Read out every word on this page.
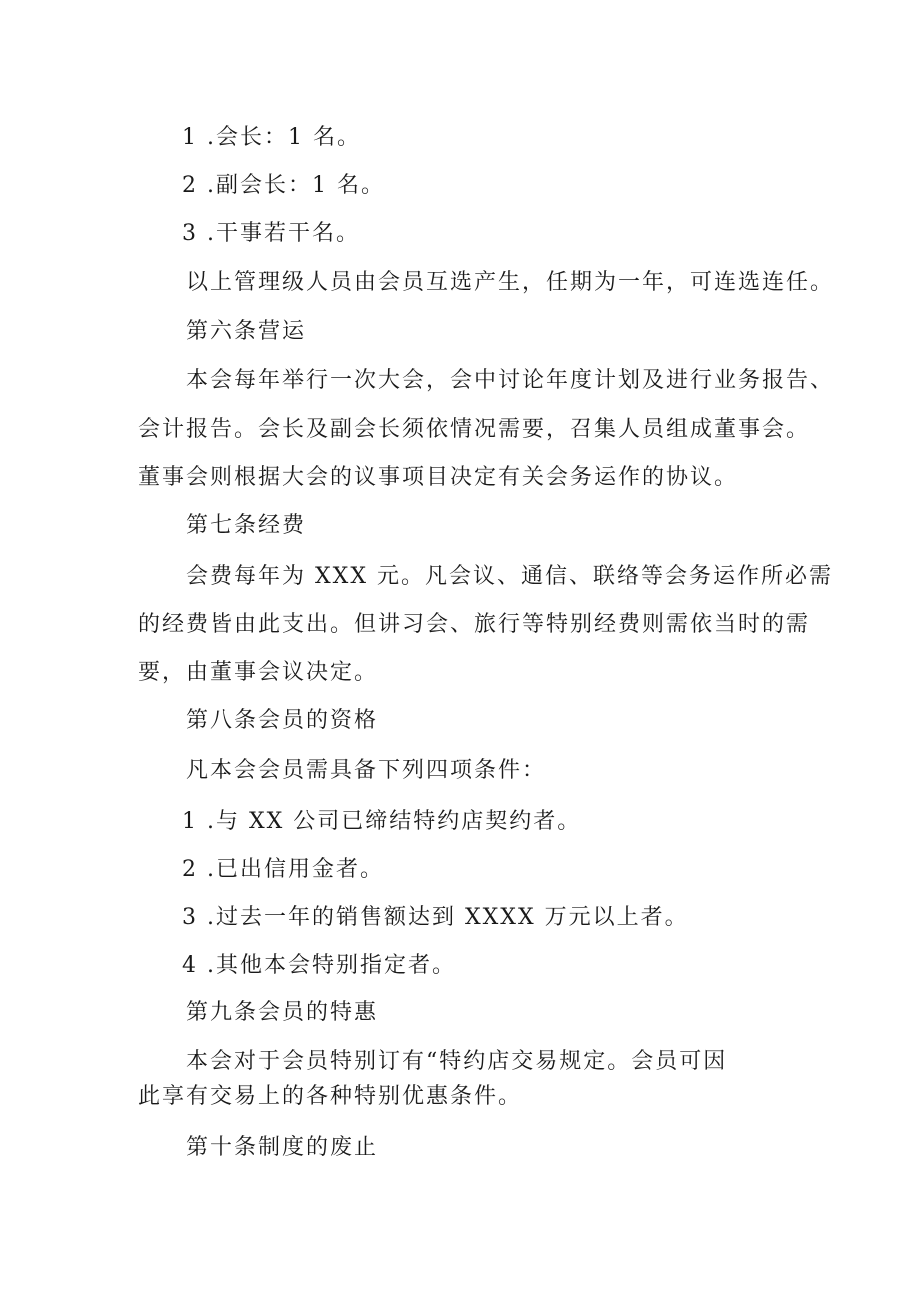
1 .会长：1 名。
2 .副会长：1 名。
3 .干事若干名。
以上管理级人员由会员互选产生，任期为一年，可连选连任。
第六条营运
本会每年举行一次大会，会中讨论年度计划及进行业务报告、
会计报告。会长及副会长须依情况需要，召集人员组成董事会。
董事会则根据大会的议事项目决定有关会务运作的协议。
第七条经费
会费每年为 XXX 元。凡会议、通信、联络等会务运作所必需
的经费皆由此支出。但讲习会、旅行等特别经费则需依当时的需
要，由董事会议决定。
第八条会员的资格
凡本会会员需具备下列四项条件：
1 .与 XX 公司已缔结特约店契约者。
2 .已出信用金者。
3 .过去一年的销售额达到 XXXX 万元以上者。
4 .其他本会特别指定者。
第九条会员的特惠
本会对于会员特别订有“特约店交易规定。会员可因
此享有交易上的各种特别优惠条件。
第十条制度的废止
